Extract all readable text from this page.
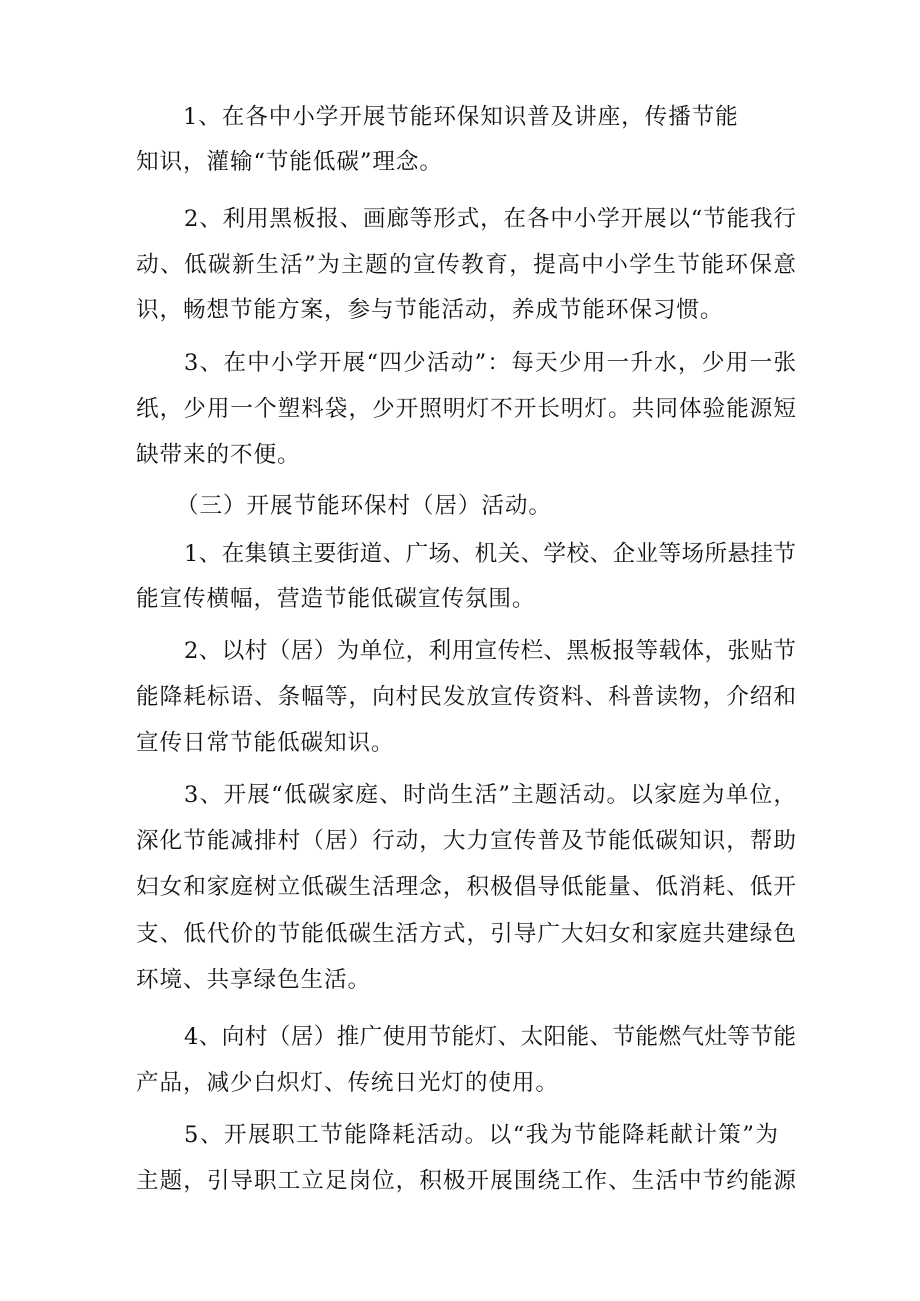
1、在各中小学开展节能环保知识普及讲座，传播节能

知识，灌输“节能低碳”理念。

2、利用黑板报、画廊等形式，在各中小学开展以“节能我行

动、低碳新生活”为主题的宣传教育，提高中小学生节能环保意

识，畅想节能方案，参与节能活动，养成节能环保习惯。

3、在中小学开展“四少活动”：每天少用一升水，少用一张

纸，少用一个塑料袋，少开照明灯不开长明灯。共同体验能源短

缺带来的不便。

（三）开展节能环保村（居）活动。

1、在集镇主要街道、广场、机关、学校、企业等场所悬挂节

能宣传横幅，营造节能低碳宣传氛围。

2、以村（居）为单位，利用宣传栏、黑板报等载体，张贴节

能降耗标语、条幅等，向村民发放宣传资料、科普读物，介绍和

宣传日常节能低碳知识。

3、开展“低碳家庭、时尚生活”主题活动。以家庭为单位，

深化节能减排村（居）行动，大力宣传普及节能低碳知识，帮助

妇女和家庭树立低碳生活理念，积极倡导低能量、低消耗、低开

支、低代价的节能低碳生活方式，引导广大妇女和家庭共建绿色

环境、共享绿色生活。

4、向村（居）推广使用节能灯、太阳能、节能燃气灶等节能

产品，减少白炽灯、传统日光灯的使用。

5、开展职工节能降耗活动。以“我为节能降耗献计策”为

主题，引导职工立足岗位，积极开展围绕工作、生活中节约能源
